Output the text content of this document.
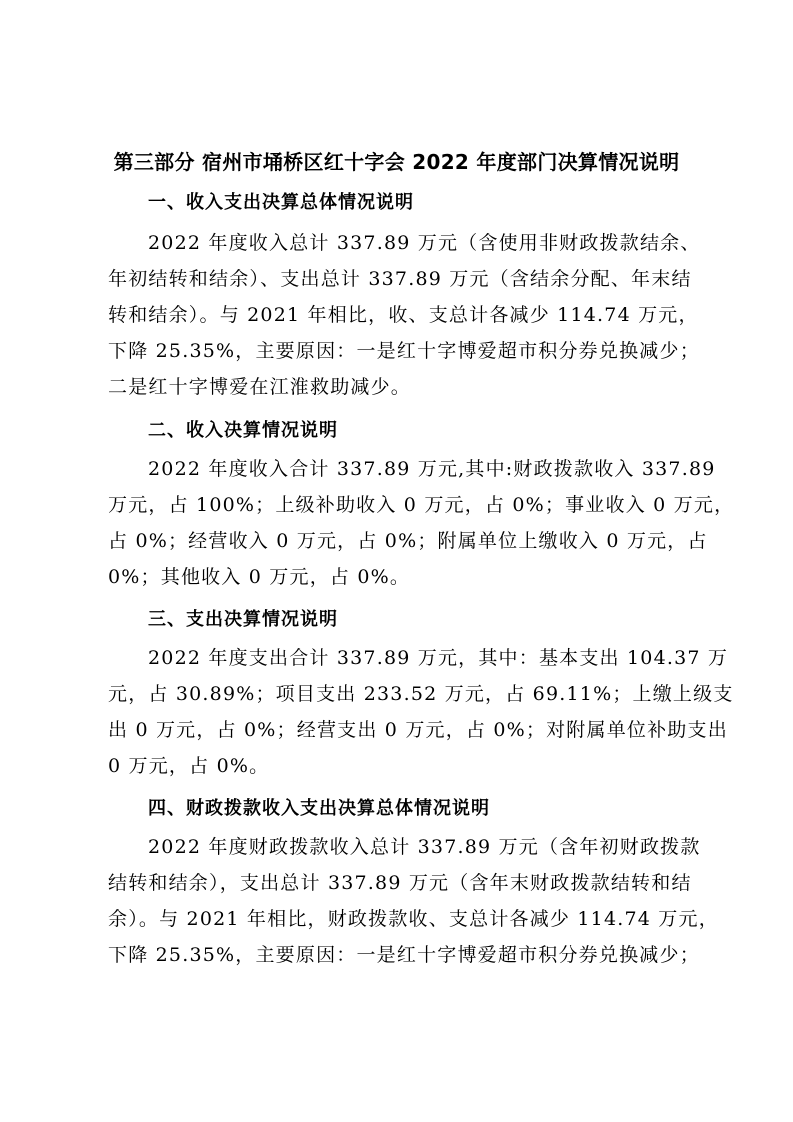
第三部分 宿州市埇桥区红十字会 2022 年度部门决算情况说明
一、收入支出决算总体情况说明
2022 年度收入总计 337.89 万元（含使用非财政拨款结余、
年初结转和结余）、支出总计 337.89 万元（含结余分配、年末结
转和结余）。与 2021 年相比，收、支总计各减少 114.74 万元，
下降 25.35%，主要原因：一是红十字博爱超市积分券兑换减少；
二是红十字博爱在江淮救助减少。
二、收入决算情况说明
2022 年度收入合计 337.89 万元,其中:财政拨款收入 337.89
万元，占 100%；上级补助收入 0 万元，占 0%；事业收入 0 万元，
占 0%；经营收入 0 万元，占 0%；附属单位上缴收入 0 万元，占
0%；其他收入 0 万元，占 0%。
三、支出决算情况说明
2022 年度支出合计 337.89 万元，其中：基本支出 104.37 万
元，占 30.89%；项目支出 233.52 万元，占 69.11%；上缴上级支
出 0 万元，占 0%；经营支出 0 万元，占 0%；对附属单位补助支出
0 万元，占 0%。
四、财政拨款收入支出决算总体情况说明
2022 年度财政拨款收入总计 337.89 万元（含年初财政拨款
结转和结余），支出总计 337.89 万元（含年末财政拨款结转和结
余）。与 2021 年相比，财政拨款收、支总计各减少 114.74 万元，
下降 25.35%，主要原因：一是红十字博爱超市积分券兑换减少；
